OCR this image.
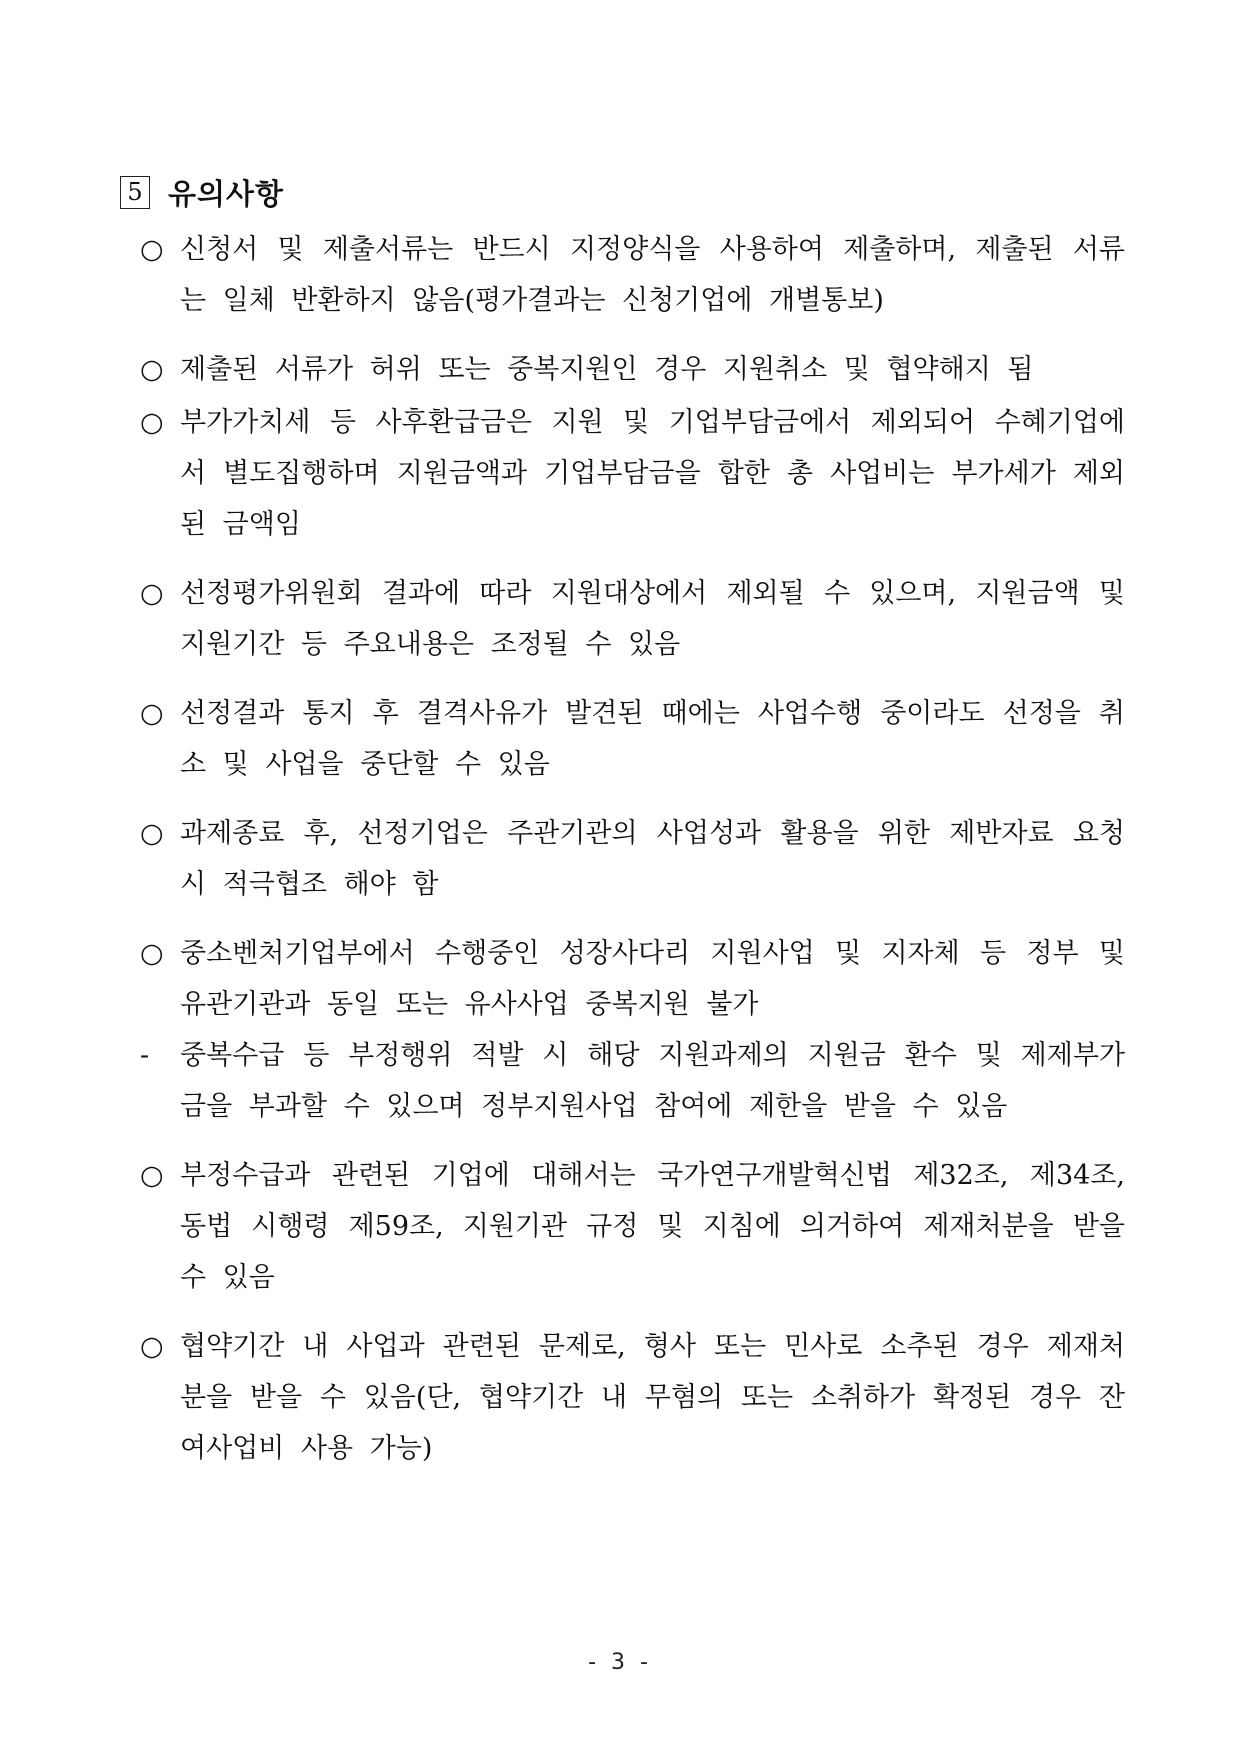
5 유의사항
○ 신청서 및 제출서류는 반드시 지정양식을 사용하여 제출하며, 제출된 서류는 일체 반환하지 않음(평가결과는 신청기업에 개별통보)
○ 제출된 서류가 허위 또는 중복지원인 경우 지원취소 및 협약해지 됨
○ 부가가치세 등 사후환급금은 지원 및 기업부담금에서 제외되어 수혜기업에서 별도집행하며 지원금액과 기업부담금을 합한 총 사업비는 부가세가 제외된 금액임
○ 선정평가위원회 결과에 따라 지원대상에서 제외될 수 있으며, 지원금액 및 지원기간 등 주요내용은 조정될 수 있음
○ 선정결과 통지 후 결격사유가 발견된 때에는 사업수행 중이라도 선정을 취소 및 사업을 중단할 수 있음
○ 과제종료 후, 선정기업은 주관기관의 사업성과 활용을 위한 제반자료 요청 시 적극협조 해야 함
○ 중소벤처기업부에서 수행중인 성장사다리 지원사업 및 지자체 등 정부 및 유관기관과 동일 또는 유사사업 중복지원 불가
-	중복수급 등 부정행위 적발 시 해당 지원과제의 지원금 환수 및 제제부가금을 부과할 수 있으며 정부지원사업 참여에 제한을 받을 수 있음
○ 부정수급과 관련된 기업에 대해서는 국가연구개발혁신법 제32조, 제34조, 동법 시행령 제59조, 지원기관 규정 및 지침에 의거하여 제재처분을 받을 수 있음
○ 협약기간 내 사업과 관련된 문제로, 형사 또는 민사로 소추된 경우 제재처분을 받을 수 있음(단, 협약기간 내 무혐의 또는 소취하가 확정된 경우 잔여사업비 사용 가능)
- 3 -
